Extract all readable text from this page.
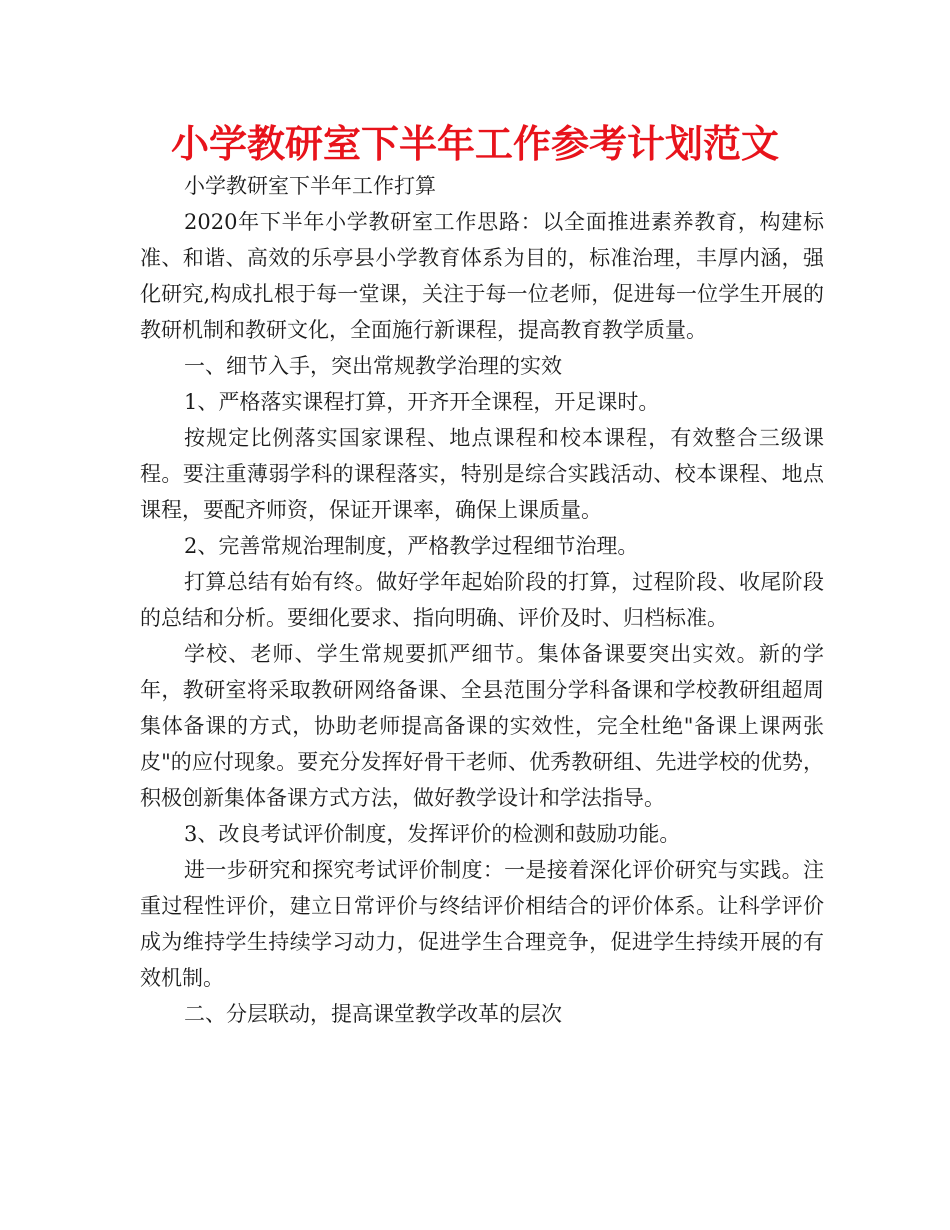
小学教研室下半年工作参考计划范文

小学教研室下半年工作打算

2020年下半年小学教研室工作思路：以全面推进素养教育，构建标准、和谐、高效的乐亭县小学教育体系为目的，标准治理，丰厚内涵，强化研究,构成扎根于每一堂课，关注于每一位老师，促进每一位学生开展的教研机制和教研文化，全面施行新课程，提高教育教学质量。

一、细节入手，突出常规教学治理的实效

1、严格落实课程打算，开齐开全课程，开足课时。

按规定比例落实国家课程、地点课程和校本课程，有效整合三级课程。要注重薄弱学科的课程落实，特别是综合实践活动、校本课程、地点课程，要配齐师资，保证开课率，确保上课质量。

2、完善常规治理制度，严格教学过程细节治理。

打算总结有始有终。做好学年起始阶段的打算，过程阶段、收尾阶段的总结和分析。要细化要求、指向明确、评价及时、归档标准。

学校、老师、学生常规要抓严细节。集体备课要突出实效。新的学年，教研室将采取教研网络备课、全县范围分学科备课和学校教研组超周集体备课的方式，协助老师提高备课的实效性，完全杜绝"备课上课两张皮"的应付现象。要充分发挥好骨干老师、优秀教研组、先进学校的优势，积极创新集体备课方式方法，做好教学设计和学法指导。

3、改良考试评价制度，发挥评价的检测和鼓励功能。

进一步研究和探究考试评价制度：一是接着深化评价研究与实践。注重过程性评价，建立日常评价与终结评价相结合的评价体系。让科学评价成为维持学生持续学习动力，促进学生合理竞争，促进学生持续开展的有效机制。

二、分层联动，提高课堂教学改革的层次
